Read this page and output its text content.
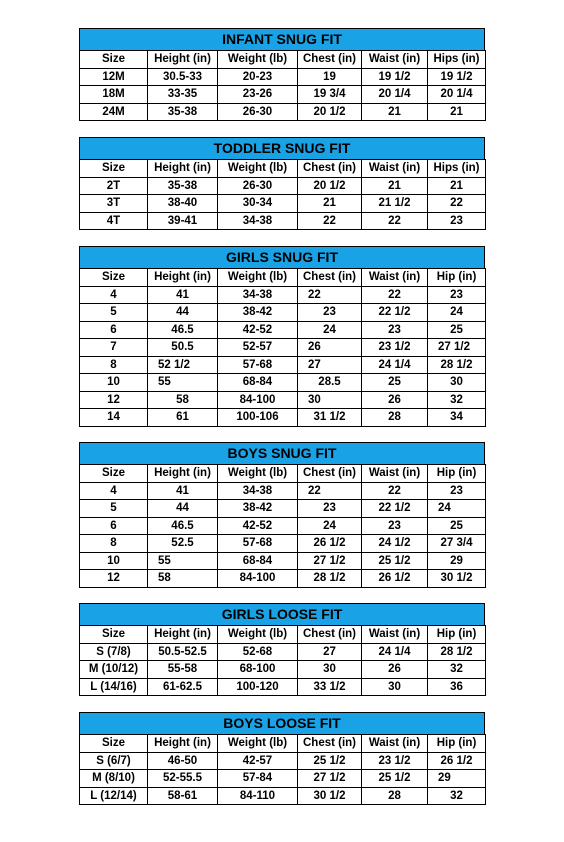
INFANT SNUG FIT
Size	Height (in)	Weight (lb)	Chest (in)	Waist (in)	Hips (in)
12M	30.5-33	20-23	19	19 1/2	19 1/2
18M	33-35	23-26	19 3/4	20 1/4	20 1/4
24M	35-38	26-30	20 1/2	21	21
TODDLER SNUG FIT
Size	Height (in)	Weight (lb)	Chest (in)	Waist (in)	Hips (in)
2T	35-38	26-30	20 1/2	21	21
3T	38-40	30-34	21	21 1/2	22
4T	39-41	34-38	22	22	23
GIRLS SNUG FIT
Size	Height (in)	Weight (lb)	Chest (in)	Waist (in)	Hip (in)
4	41	34-38	22	22	23
5	44	38-42	23	22 1/2	24
6	46.5	42-52	24	23	25
7	50.5	52-57	26	23 1/2	27 1/2
8	52 1/2	57-68	27	24 1/4	28 1/2
10	55	68-84	28.5	25	30
12	58	84-100	30	26	32
14	61	100-106	31 1/2	28	34
BOYS SNUG FIT
Size	Height (in)	Weight (lb)	Chest (in)	Waist (in)	Hip (in)
4	41	34-38	22	22	23
5	44	38-42	23	22 1/2	24
6	46.5	42-52	24	23	25
8	52.5	57-68	26 1/2	24 1/2	27 3/4
10	55	68-84	27 1/2	25 1/2	29
12	58	84-100	28 1/2	26 1/2	30 1/2
GIRLS LOOSE FIT
Size	Height (in)	Weight (lb)	Chest (in)	Waist (in)	Hip (in)
S (7/8)	50.5-52.5	52-68	27	24 1/4	28 1/2
M (10/12)	55-58	68-100	30	26	32
L (14/16)	61-62.5	100-120	33 1/2	30	36
BOYS LOOSE FIT
Size	Height (in)	Weight (lb)	Chest (in)	Waist (in)	Hip (in)
S (6/7)	46-50	42-57	25 1/2	23 1/2	26 1/2
M (8/10)	52-55.5	57-84	27 1/2	25 1/2	29
L (12/14)	58-61	84-110	30 1/2	28	32
